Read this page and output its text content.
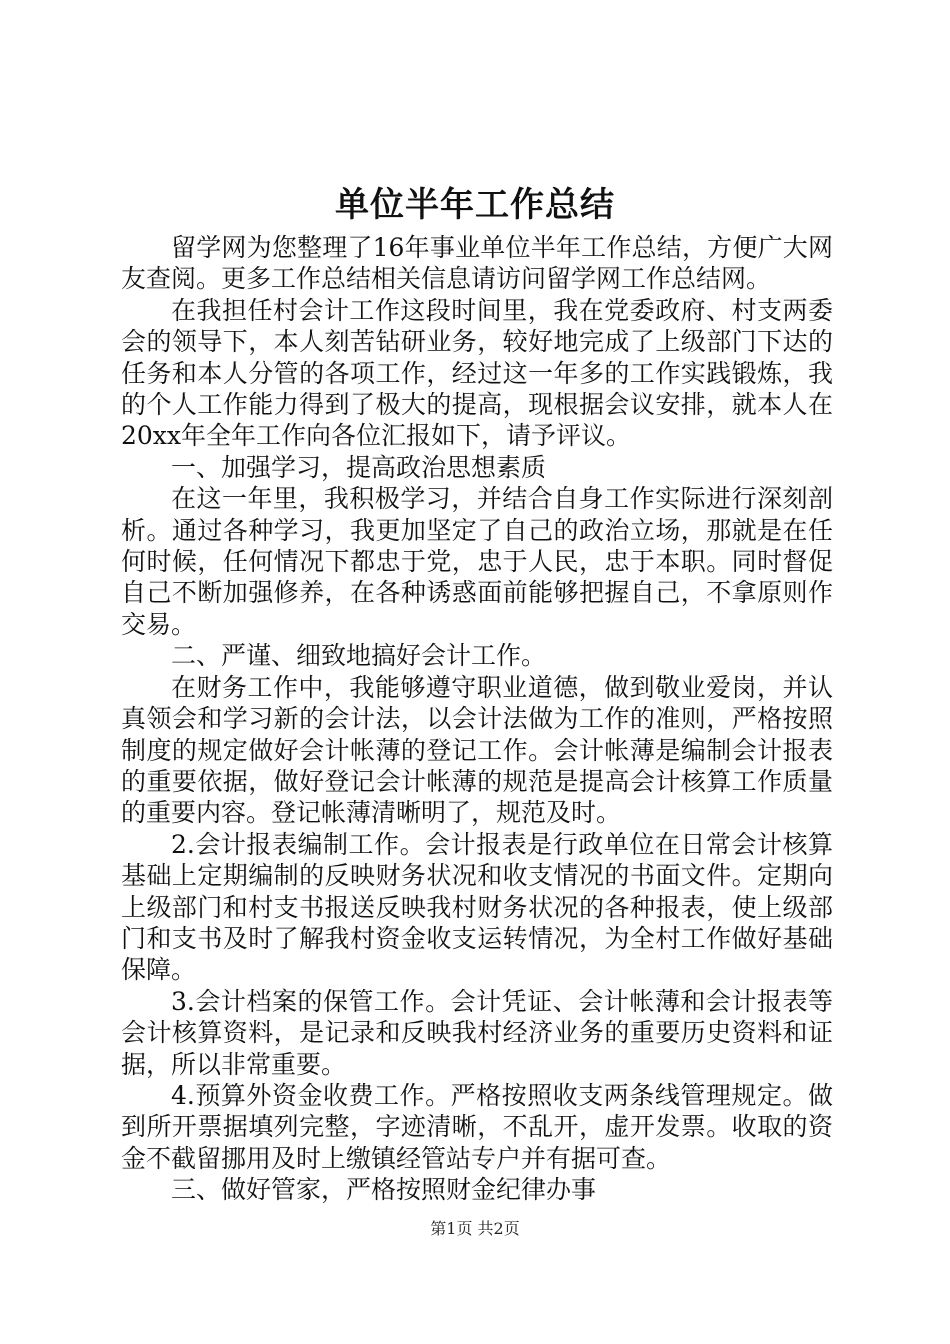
单位半年工作总结

留学网为您整理了16年事业单位半年工作总结，方便广大网友查阅。更多工作总结相关信息请访问留学网工作总结网。

在我担任村会计工作这段时间里，我在党委政府、村支两委会的领导下，本人刻苦钻研业务，较好地完成了上级部门下达的任务和本人分管的各项工作，经过这一年多的工作实践锻炼，我的个人工作能力得到了极大的提高，现根据会议安排，就本人在20xx年全年工作向各位汇报如下，请予评议。

一、加强学习，提高政治思想素质

在这一年里，我积极学习，并结合自身工作实际进行深刻剖析。通过各种学习，我更加坚定了自己的政治立场，那就是在任何时候，任何情况下都忠于党，忠于人民，忠于本职。同时督促自己不断加强修养，在各种诱惑面前能够把握自己，不拿原则作交易。

二、严谨、细致地搞好会计工作。

在财务工作中，我能够遵守职业道德，做到敬业爱岗，并认真领会和学习新的会计法，以会计法做为工作的准则，严格按照制度的规定做好会计帐薄的登记工作。会计帐薄是编制会计报表的重要依据，做好登记会计帐薄的规范是提高会计核算工作质量的重要内容。登记帐薄清晰明了，规范及时。

2.会计报表编制工作。会计报表是行政单位在日常会计核算基础上定期编制的反映财务状况和收支情况的书面文件。定期向上级部门和村支书报送反映我村财务状况的各种报表，使上级部门和支书及时了解我村资金收支运转情况，为全村工作做好基础保障。

3.会计档案的保管工作。会计凭证、会计帐薄和会计报表等会计核算资料，是记录和反映我村经济业务的重要历史资料和证据，所以非常重要。

4.预算外资金收费工作。严格按照收支两条线管理规定。做到所开票据填列完整，字迹清晰，不乱开，虚开发票。收取的资金不截留挪用及时上缴镇经管站专户并有据可查。

三、做好管家，严格按照财金纪律办事

第1页 共2页
